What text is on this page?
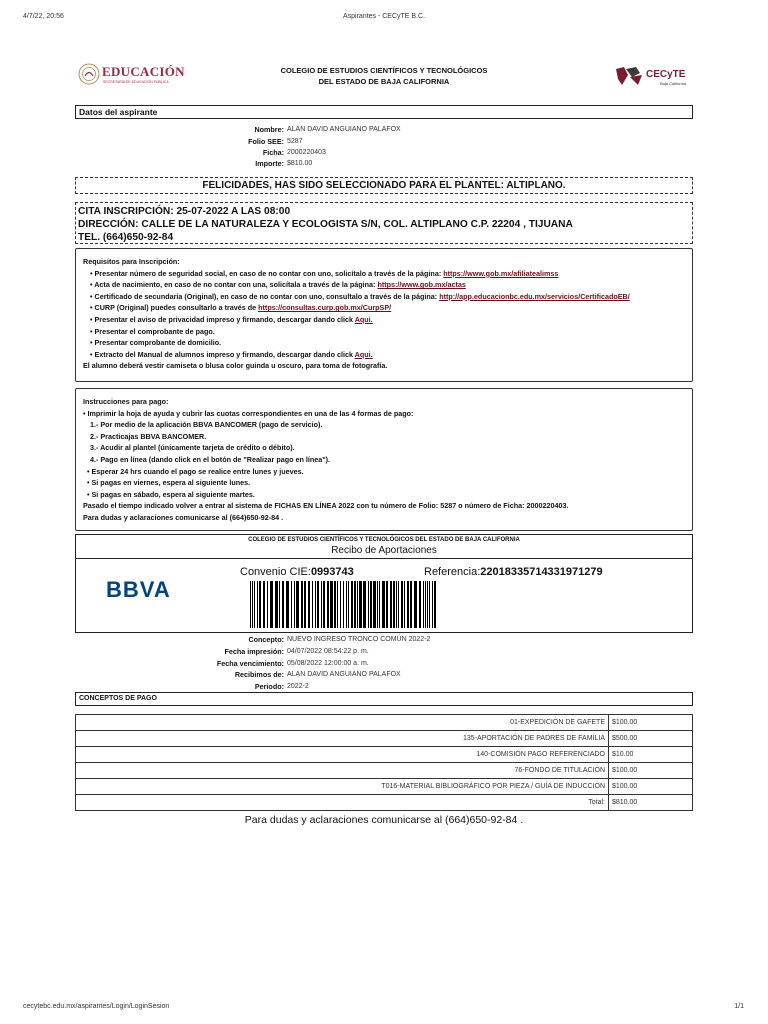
4/7/22, 20:56	Aspirantes - CECyTE B.C.
cecytebc.edu.mx/aspirantes/Login/LoginSesion	1/1
EDUCACIÓN
SECRETARÍA DE EDUCACIÓN PÚBLICA
COLEGIO DE ESTUDIOS CIENTÍFICOS Y TECNOLÓGICOS
DEL ESTADO DE BAJA CALIFORNIA
CECyTE
Baja California
Datos del aspirante
Nombre: ALAN DAVID ANGUIANO PALAFOX
Folio SEE: 5287
Ficha: 2000220403
Importe: $810.00
FELICIDADES, HAS SIDO SELECCIONADO PARA EL PLANTEL: ALTIPLANO.
CITA INSCRIPCIÓN: 25-07-2022 A LAS 08:00
DIRECCIÓN: CALLE DE LA NATURALEZA Y ECOLOGISTA S/N, COL. ALTIPLANO C.P. 22204 , TIJUANA
TEL. (664)650-92-84
Requisitos para Inscripción:
• Presentar número de seguridad social, en caso de no contar con uno, solicítalo a través de la página: https://www.gob.mx/afiliatealimss
• Acta de nacimiento, en caso de no contar con una, solicítala a través de la página: https://www.gob.mx/actas
• Certificado de secundaria (Original), en caso de no contar con uno, consultalo a través de la página: http://app.educacionbc.edu.mx/servicios/CertificadoEB/
• CURP (Original) puedes consultarlo a través de https://consultas.curp.gob.mx/CurpSP/
• Presentar el aviso de privacidad impreso y firmando, descargar dando click Aqui.
• Presentar el comprobante de pago.
• Presentar comprobante de domicilio.
• Extracto del Manual de alumnos impreso y firmando, descargar dando click Aqui.
El alumno deberá vestir camiseta o blusa color guinda u oscuro, para toma de fotografía.
Instrucciones para pago:
• Imprimir la hoja de ayuda y cubrir las cuotas correspondientes en una de las 4 formas de pago:
1.- Por medio de la aplicación BBVA BANCOMER (pago de servicio).
2.- Practicajas BBVA BANCOMER.
3.- Acudir al plantel (únicamente tarjeta de crédito o débito).
4.- Pago en línea (dando click en el botón de "Realizar pago en línea").
• Esperar 24 hrs cuando el pago se realice entre lunes y jueves.
• Si pagas en viernes, espera al siguiente lunes.
• Si pagas en sábado, espera al siguiente martes.
Pasado el tiempo indicado volver a entrar al sistema de FICHAS EN LÍNEA 2022 con tu número de Folio: 5287 o número de Ficha: 2000220403.
Para dudas y aclaraciones comunicarse al (664)650-92-84 .
COLEGIO DE ESTUDIOS CIENTÍFICOS Y TECNOLÓGICOS DEL ESTADO DE BAJA CALIFORNIA
Recibo de Aportaciones
BBVA
Convenio CIE:0993743	Referencia:22018335714331971279
Concepto: NUEVO INGRESO TRONCO COMÚN 2022-2
Fecha impresión: 04/07/2022 08:54:22 p. m.
Fecha vencimiento: 05/08/2022 12:00:00 a. m.
Recibimos de: ALAN DAVID ANGUIANO PALAFOX
Periodo: 2022-2
CONCEPTOS DE PAGO
01-EXPEDICIÓN DE GAFETE	$100.00
135-APORTACIÓN DE PADRES DE FAMILIA	$500.00
140-COMISIÓN PAGO REFERENCIADO	$10.00
76-FONDO DE TITULACIÓN	$100.00
T016-MATERIAL BIBLIOGRÁFICO POR PIEZA / GUÍA DE INDUCCIÓN	$100.00
Total:	$810.00
Para dudas y aclaraciones comunicarse al (664)650-92-84 .
